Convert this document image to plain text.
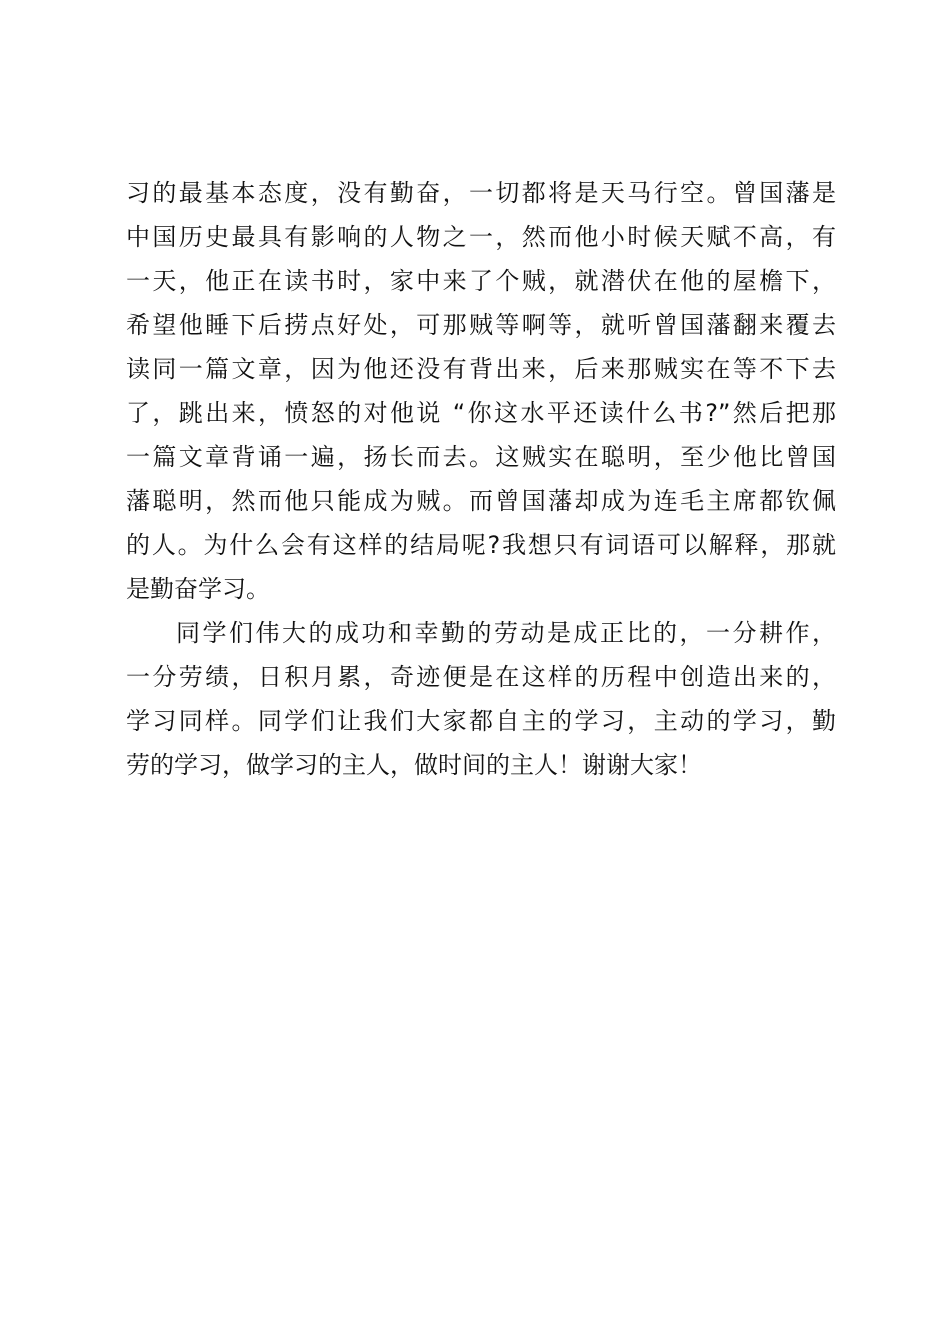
习的最基本态度，没有勤奋，一切都将是天马行空。曾国藩是
中国历史最具有影响的人物之一，然而他小时候天赋不高，有
一天，他正在读书时，家中来了个贼，就潜伏在他的屋檐下，
希望他睡下后捞点好处，可那贼等啊等，就听曾国藩翻来覆去
读同一篇文章，因为他还没有背出来，后来那贼实在等不下去
了，跳出来，愤怒的对他说 “你这水平还读什么书?”然后把那
一篇文章背诵一遍，扬长而去。这贼实在聪明，至少他比曾国
藩聪明，然而他只能成为贼。而曾国藩却成为连毛主席都钦佩
的人。为什么会有这样的结局呢?我想只有词语可以解释，那就
是勤奋学习。
同学们伟大的成功和幸勤的劳动是成正比的，一分耕作，
一分劳绩，日积月累，奇迹便是在这样的历程中创造出来的，
学习同样。同学们让我们大家都自主的学习，主动的学习，勤
劳的学习，做学习的主人，做时间的主人！谢谢大家！
